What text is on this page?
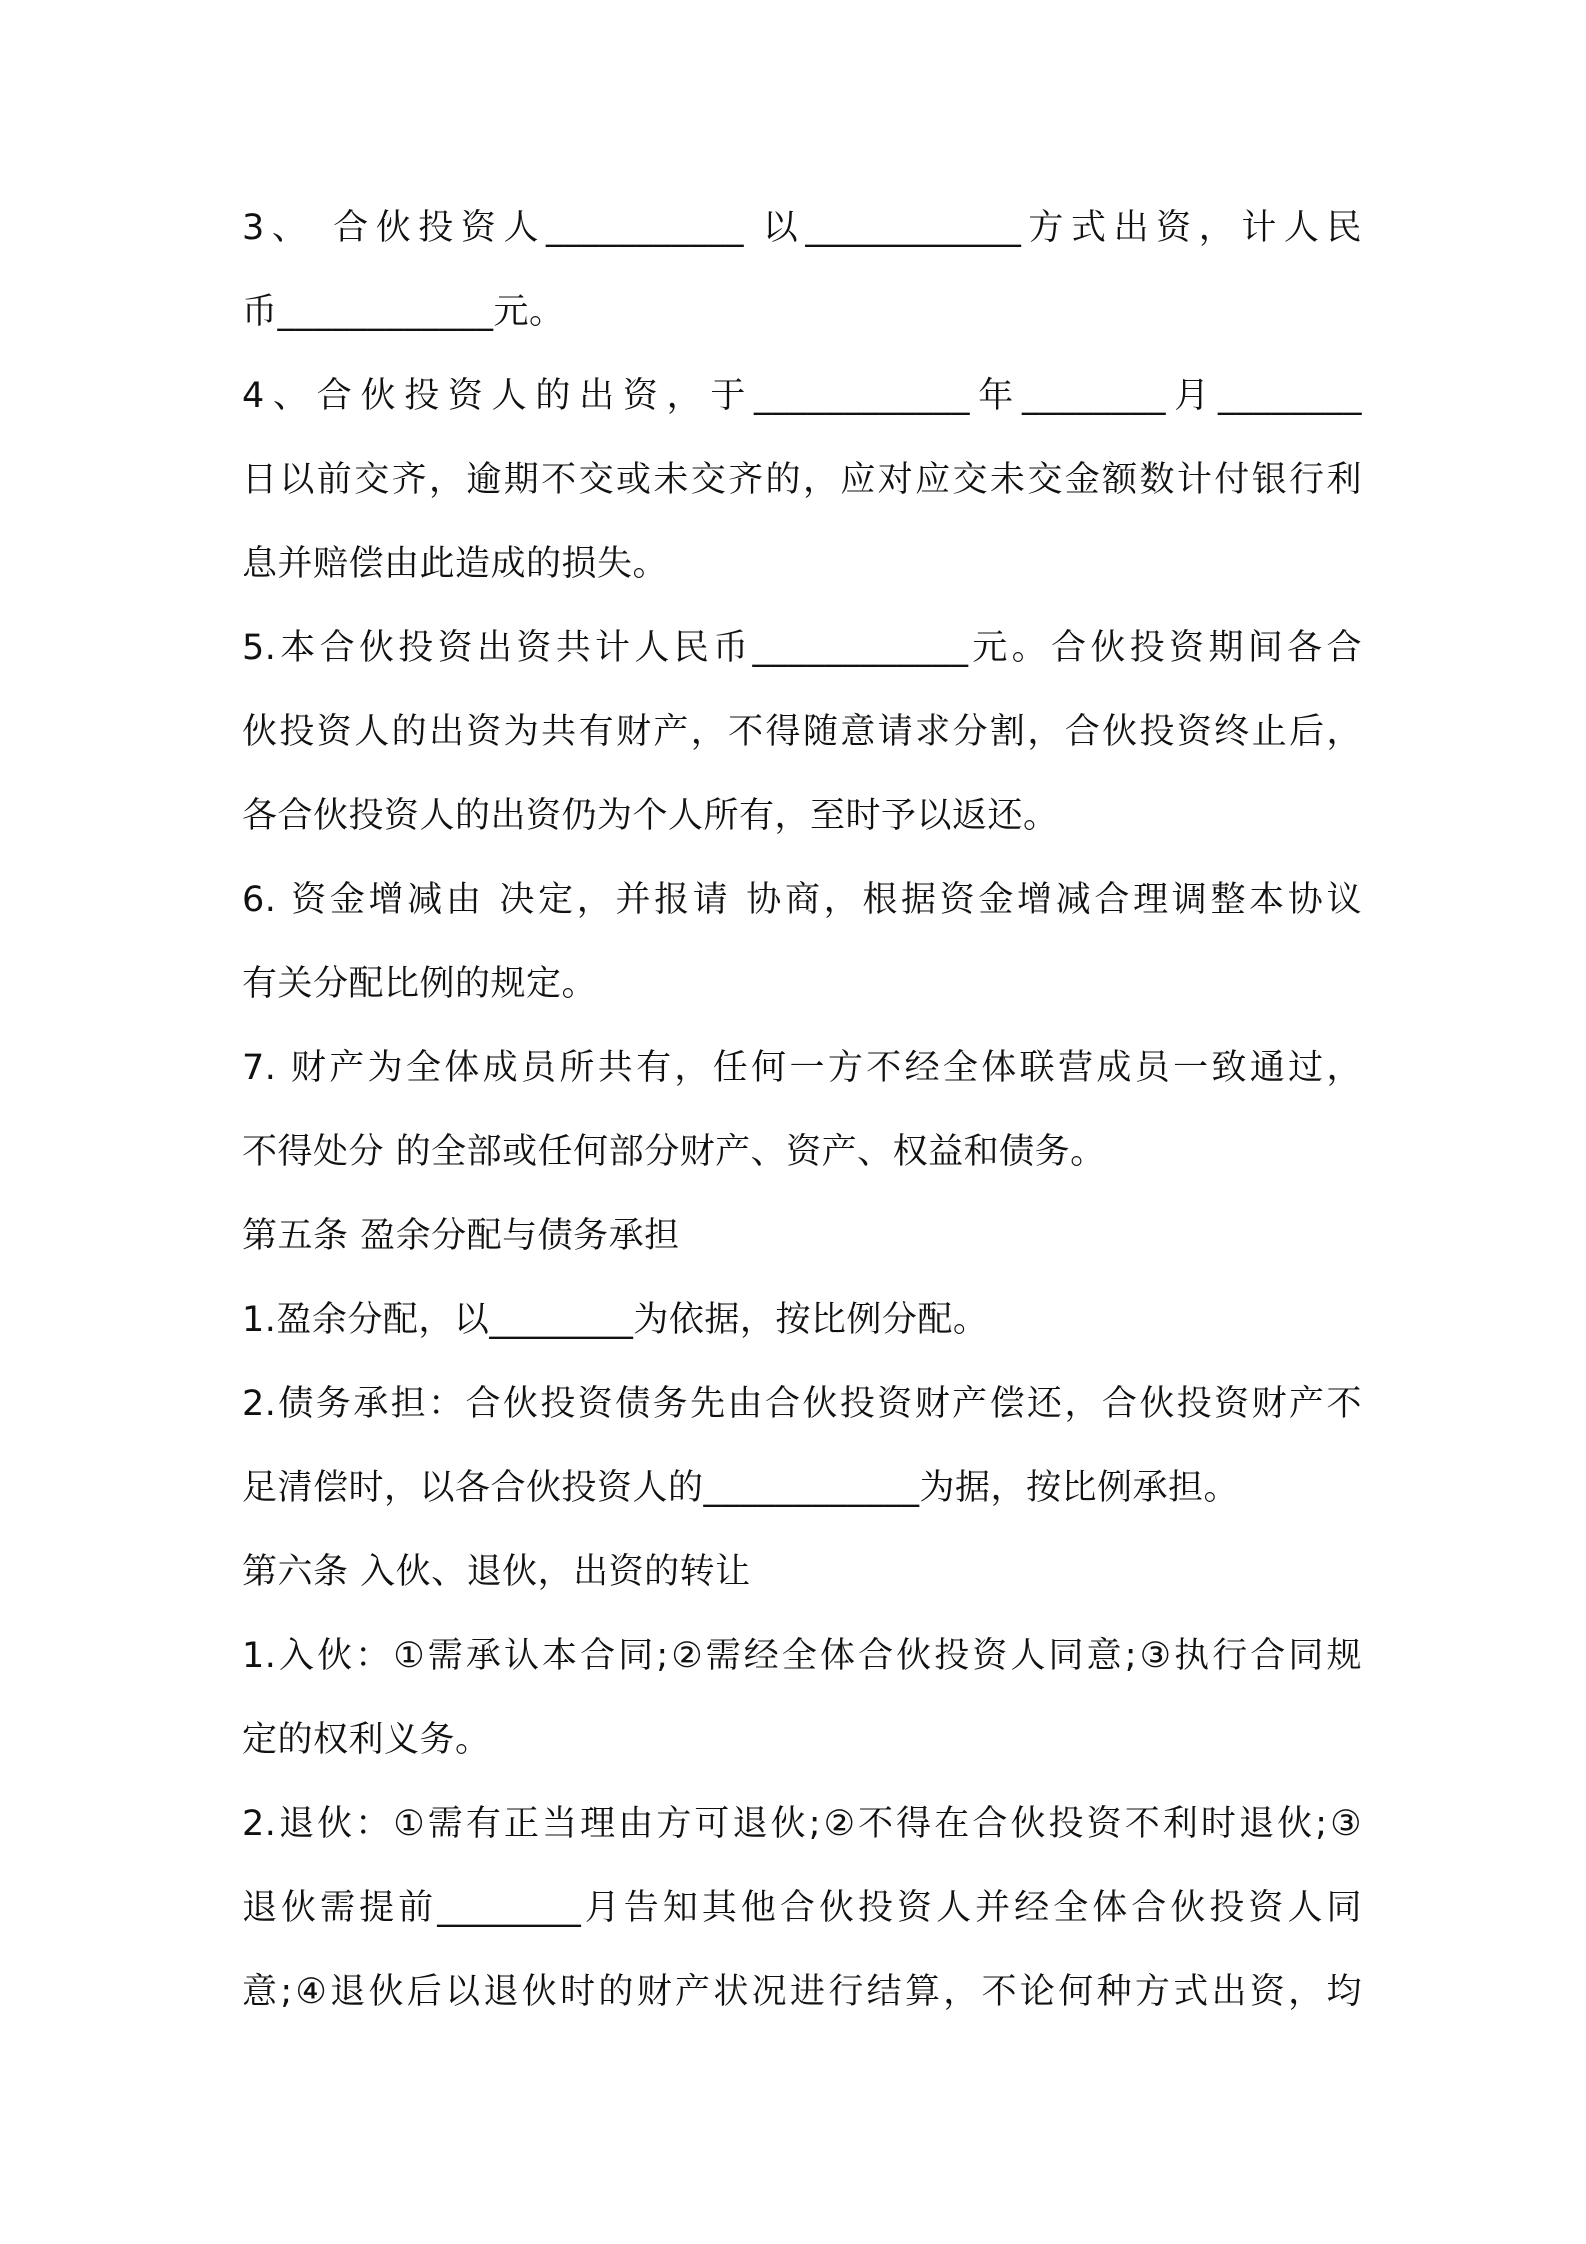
3、 合伙投资人___________ 以____________方式出资，计人民
币____________元。
4、合伙投资人的出资，于____________年________月________
日以前交齐，逾期不交或未交齐的，应对应交未交金额数计付银行利
息并赔偿由此造成的损失。
5.本合伙投资出资共计人民币____________元。合伙投资期间各合
伙投资人的出资为共有财产，不得随意请求分割，合伙投资终止后，
各合伙投资人的出资仍为个人所有，至时予以返还。
6. 资金增减由 决定，并报请 协商，根据资金增减合理调整本协议
有关分配比例的规定。
7. 财产为全体成员所共有，任何一方不经全体联营成员一致通过，
不得处分 的全部或任何部分财产、资产、权益和债务。
第五条 盈余分配与债务承担
1.盈余分配，以________为依据，按比例分配。
2.债务承担：合伙投资债务先由合伙投资财产偿还，合伙投资财产不
足清偿时，以各合伙投资人的____________为据，按比例承担。
第六条 入伙、退伙，出资的转让
1.入伙：①需承认本合同;②需经全体合伙投资人同意;③执行合同规
定的权利义务。
2.退伙：①需有正当理由方可退伙;②不得在合伙投资不利时退伙;③
退伙需提前________月告知其他合伙投资人并经全体合伙投资人同
意;④退伙后以退伙时的财产状况进行结算，不论何种方式出资，均
